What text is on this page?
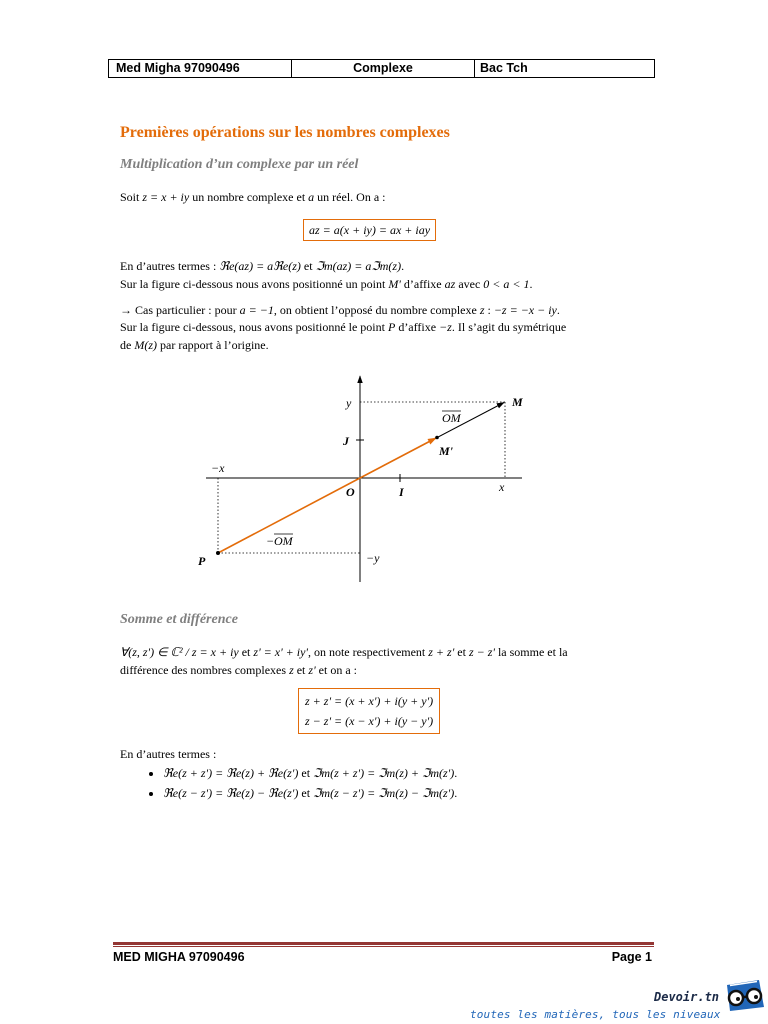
Med Migha 97090496	Complexe	Bac Tch
Premières opérations sur les nombres complexes
Multiplication d’un complexe par un réel
Soit z = x + iy un nombre complexe et a un réel. On a :
az = a(x + iy) = ax + iay
En d’autres termes : ℜe(az) = aℜe(z) et ℑm(az) = aℑm(z).
Sur la figure ci-dessous nous avons positionné un point M' d’affixe az avec 0 < a < 1.
→ Cas particulier : pour a = −1, on obtient l’opposé du nombre complexe z : −z = −x − iy.
Sur la figure ci-dessous, nous avons positionné le point P d’affixe −z. Il s’agit du symétrique
de M(z) par rapport à l’origine.
y	M
OM
J
M'
−x
O	I	x
− OM
P	−y
Somme et différence
∀(z, z') ∈ ℂ² / z = x + iy et z' = x' + iy', on note respectivement z + z' et z − z' la somme et la
différence des nombres complexes z et z' et on a :
z + z' = (x + x') + i(y + y')
z − z' = (x − x') + i(y − y')
En d’autres termes :
• ℜe(z + z') = ℜe(z) + ℜe(z') et ℑm(z + z') = ℑm(z) + ℑm(z').
• ℜe(z − z') = ℜe(z) − ℜe(z') et ℑm(z − z') = ℑm(z) − ℑm(z').
MED MIGHA 97090496	Page 1
Devoir.tn
toutes les matières, tous les niveaux
